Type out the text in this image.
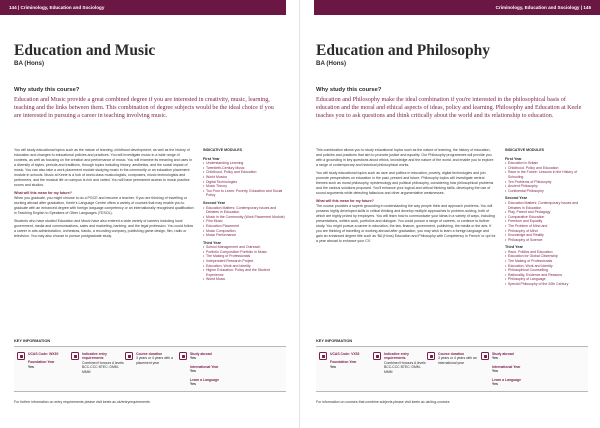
144 | Criminology, Education and Sociology
Education and Music
BA (Hons)
Why study this course?
Education and Music provide a great combined degree if you are interested in creativity, music, learning, teaching and the links between them. This combination of degree subjects would be the ideal choice if you are interested in pursuing a career in teaching involving music.

You will study educational topics such as the nature of learning, childhood development, as well as the history of education and changes to educational policies and practices. You will investigate music in a wide range of contexts, as well as focusing on the creation and performance of music. You will examine its meaning and uses in a diversity of styles, periods and traditions, through topics including history, aesthetics, and the social impact of music. You can also take a work placement module studying music in the community or an education placement module in schools. Music at Keele is a hub of world-class musicologists, composers, music technologists and performers, and the musical life on campus is rich and varied. You will have permanent access to music practice rooms and studios.

What will this mean for my future?

When you graduate, you might choose to do a PGCE and become a teacher. If you are thinking of travelling or working abroad after graduation, Keele's Language Centre offers a variety of courses that may enable you to graduate with an enhanced degree with foreign language competency or an internationally recognised qualification in Teaching English to Speakers of Other Languages (TESOL).

Students who have studied Education and Music have also entered a wide variety of careers including local government, media and communications, sales and marketing, banking, and the legal profession. You could follow a career in arts administration, orchestras, bands, a recording company, publishing game design, film, radio or television. You may also choose to pursue postgraduate study.

INDICATIVE MODULES
First Year
• Understanding Learning
• Twentieth-Century Music
• Childhood, Policy and Education
• World Musics
• Digital Technologies
• Music Theory
• Too Poor to Learn: Poverty, Education and Social Policy
Second Year
• Education Matters: Contemporary Issues and Debates in Education
• Music in the Community (Work Placement Module)
• Film Music
• Education Placement
• Music Composition
• Music Performance
Third Year
• School Management and Outreach
• Portfolio Composition Portfolio in Music
• The Making of Professionals
• Independent Research Project
• Education, Work and Identity
• Higher Education: Policy and the Student Experience
• World Music
KEY INFORMATION
UCAS Code: WX30
Foundation Year
Yes
Indicative entry requirements
Combined Honours A levels BCC-CCC BTEC: DMM-MMM
Course duration
3 years or 4 years with a placement year
Study abroad
Yes
International Year
Yes
Learn a Language
Yes
For further information on entry requirements please visit keele.ac.uk/entryrequirements
Criminology, Education and Sociology | 145
Education and Philosophy
BA (Hons)
Why study this course?
Education and Philosophy make the ideal combination if you're interested in the philosophical basis of education and the moral and ethical aspects of ideas, policy and learning. Philosophy and Education at Keele teaches you to ask questions and think critically about the world and its relationship to education.

This combination allows you to study educational topics such as the nature of learning, the history of education, and policies and practices that aim to promote justice and equality. Our Philosophy programmes will provide you with a grounding in key questions about ethics, knowledge and the nature of the world, and enable you to explore a range of contemporary and historical philosophical works.

You will study educational topics such as race and politics in education, poverty, digital technologies and join promote perspectives on education in the past, present and future. Philosophy topics will investigate central themes such as moral philosophy, epistemology and political philosophy, considering how philosophical problems and the various solutions proposed. You'll enhance your logical and critical thinking skills, developing the use of sound arguments while detecting fallacious and other argumentative weaknesses.

What will this mean for my future?

The course provides a superb grounding in understanding the way people think and approach problems. You will possess highly developed skills in critical thinking and develop multiple approaches to problem-solving, both of which are highly prized by employers. You will learn how to communicate your ideas in a variety of ways, including presentations, written work, portfolios and dialogue. You could pursue a range of careers, or continue to further study. You might pursue a career in education, the law, finance, government, publishing, the media or the arts. If you are thinking of travelling or working abroad after graduation, you may wish to learn a foreign language and gain an enhanced degree title such as 'BA (Hons) Education and Philosophy with Competency in French' or opt for a year abroad to enhance your CV.

INDICATIVE MODULES
First Year
• Education in Britain
• Childhood, Policy and Education
• Race in the Future: Lessons in the History of Schooling
• Ten Problems of Philosophy
• Ancient Philosophy
• Continental Philosophy
Second Year
• Education Matters: Contemporary Issues and Debates in Education
• Play, Parent and Pedagogy
• Comparative Education
• Freedom and Equality
• The Problem of Mind and
• Philosophy of Mind
• Knowledge and Reality
• Philosophy of Science
Third Year
• Race, Politics and Education
• Education for Global Citizenship
• The Making of Professionals
• Education, Work and Identity
• Philosophical Counselling
• Rationality, Evidence and Reasons
• Philosophy of Language
• Special Philosophy of the 20th Century
KEY INFORMATION
UCAS Code: VX53
Foundation Year
Yes
Indicative entry requirements
Combined Honours A levels BCC-CCC BTEC: DMM-MMM
Course duration
3 years or 4 years with an international year
Study abroad
Yes
International Year
Yes
Learn a Language
Yes
For information on courses that combine subjects please visit keele.ac.uk/dcg-courses
